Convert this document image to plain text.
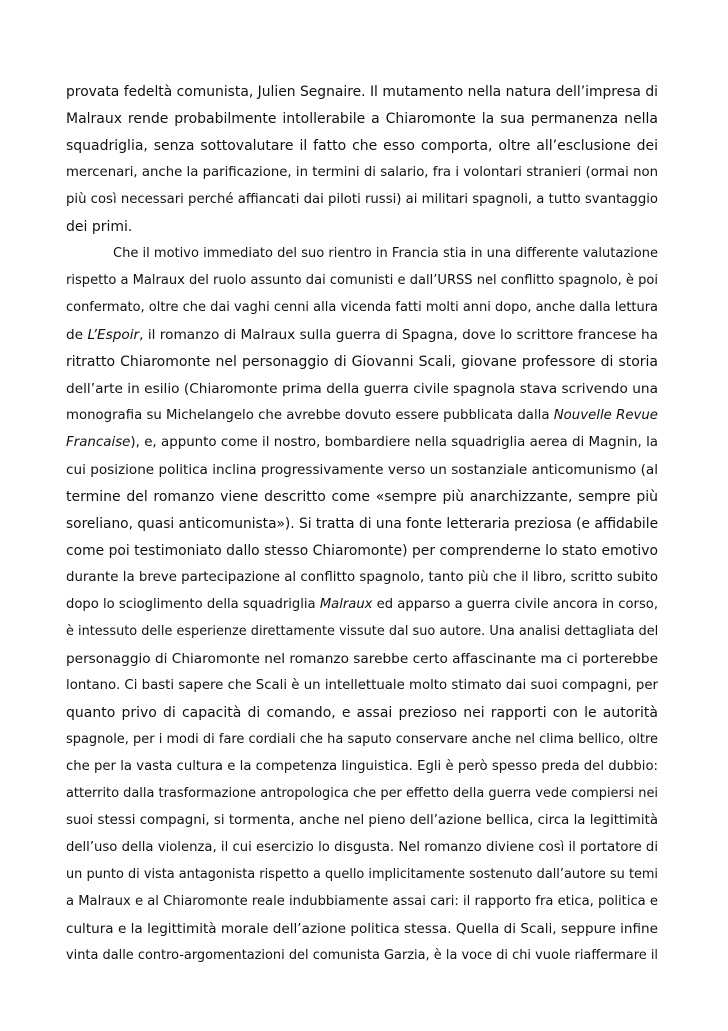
provata fedeltà comunista, Julien Segnaire. Il mutamento nella natura dell’impresa di
Malraux rende probabilmente intollerabile a Chiaromonte la sua permanenza nella
squadriglia, senza sottovalutare il fatto che esso comporta, oltre all’esclusione dei
mercenari, anche la parificazione, in termini di salario, fra i volontari stranieri (ormai non
più così necessari perché affiancati dai piloti russi) ai militari spagnoli, a tutto svantaggio
dei primi.
Che il motivo immediato del suo rientro in Francia stia in una differente valutazione
rispetto a Malraux del ruolo assunto dai comunisti e dall’URSS nel conflitto spagnolo, è poi
confermato, oltre che dai vaghi cenni alla vicenda fatti molti anni dopo, anche dalla lettura
de L’Espoir, il romanzo di Malraux sulla guerra di Spagna, dove lo scrittore francese ha
ritratto Chiaromonte nel personaggio di Giovanni Scali, giovane professore di storia
dell’arte in esilio (Chiaromonte prima della guerra civile spagnola stava scrivendo una
monografia su Michelangelo che avrebbe dovuto essere pubblicata dalla Nouvelle Revue
Francaise), e, appunto come il nostro, bombardiere nella squadriglia aerea di Magnin, la
cui posizione politica inclina progressivamente verso un sostanziale anticomunismo (al
termine del romanzo viene descritto come «sempre più anarchizzante, sempre più
soreliano, quasi anticomunista»). Si tratta di una fonte letteraria preziosa (e affidabile
come poi testimoniato dallo stesso Chiaromonte) per comprenderne lo stato emotivo
durante la breve partecipazione al conflitto spagnolo, tanto più che il libro, scritto subito
dopo lo scioglimento della squadriglia Malraux ed apparso a guerra civile ancora in corso,
è intessuto delle esperienze direttamente vissute dal suo autore. Una analisi dettagliata del
personaggio di Chiaromonte nel romanzo sarebbe certo affascinante ma ci porterebbe
lontano. Ci basti sapere che Scali è un intellettuale molto stimato dai suoi compagni, per
quanto privo di capacità di comando, e assai prezioso nei rapporti con le autorità
spagnole, per i modi di fare cordiali che ha saputo conservare anche nel clima bellico, oltre
che per la vasta cultura e la competenza linguistica. Egli è però spesso preda del dubbio:
atterrito dalla trasformazione antropologica che per effetto della guerra vede compiersi nei
suoi stessi compagni, si tormenta, anche nel pieno dell’azione bellica, circa la legittimità
dell’uso della violenza, il cui esercizio lo disgusta. Nel romanzo diviene così il portatore di
un punto di vista antagonista rispetto a quello implicitamente sostenuto dall’autore su temi
a Malraux e al Chiaromonte reale indubbiamente assai cari: il rapporto fra etica, politica e
cultura e la legittimità morale dell’azione politica stessa. Quella di Scali, seppure infine
vinta dalle contro-argomentazioni del comunista Garzia, è la voce di chi vuole riaffermare il
